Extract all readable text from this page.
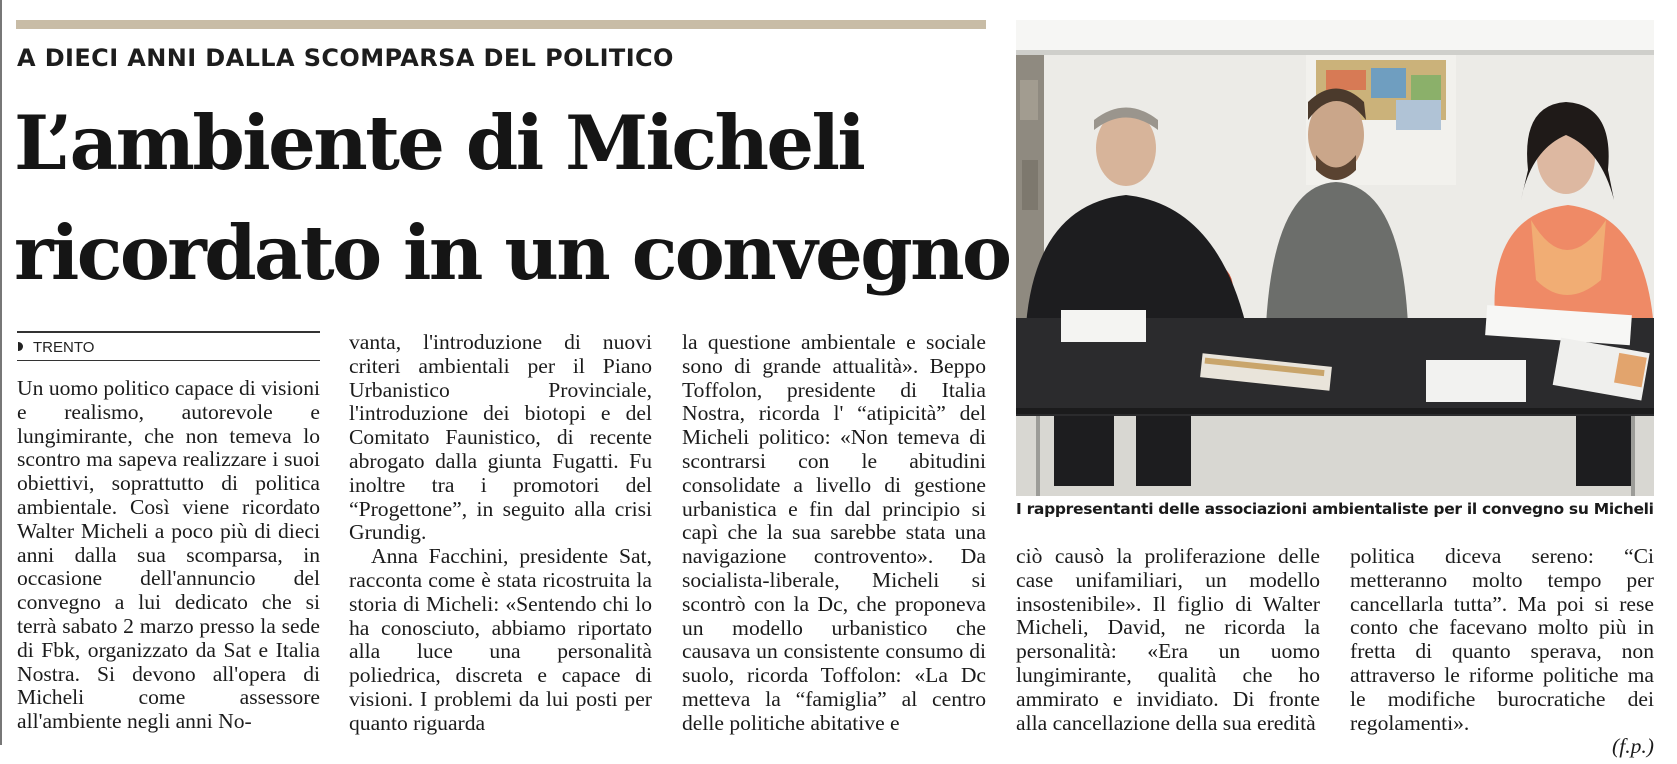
A DIECI ANNI DALLA SCOMPARSA DEL POLITICO
L’ambiente di Micheli
ricordato in un convegno
TRENTO

Un uomo politico capace di visioni e realismo, autorevole e lungimirante, che non temeva lo scontro ma sapeva realizzare i suoi obiettivi, soprattutto di politica ambientale. Così viene ricordato Walter Micheli a poco più di dieci anni dalla sua scomparsa, in occasione dell'annuncio del convegno a lui dedicato che si terrà sabato 2 marzo presso la sede di Fbk, organizzato da Sat e Italia Nostra. Si devono all'opera di Micheli come assessore all'ambiente negli anni No-

vanta, l'introduzione di nuovi criteri ambientali per il Piano Urbanistico Provinciale, l'introduzione dei biotopi e del Comitato Faunistico, di recente abrogato dalla giunta Fugatti. Fu inoltre tra i promotori del “Progettone”, in seguito alla crisi Grundig.

Anna Facchini, presidente Sat, racconta come è stata ricostruita la storia di Micheli: «Sentendo chi lo ha conosciuto, abbiamo riportato alla luce una personalità poliedrica, discreta e capace di visioni. I problemi da lui posti per quanto riguarda

la questione ambientale e sociale sono di grande attualità». Beppo Toffolon, presidente di Italia Nostra, ricorda l' “atipicità” del Micheli politico: «Non temeva di scontrarsi con le abitudini consolidate a livello di gestione urbanistica e fin dal principio si capì che la sua sarebbe stata una navigazione controvento». Da socialista-liberale, Micheli si scontrò con la Dc, che proponeva un modello urbanistico che causava un consistente consumo di suolo, ricorda Toffolon: «La Dc metteva la “famiglia” al centro delle politiche abitative e

I rappresentanti delle associazioni ambientaliste per il convegno su Micheli

ciò causò la proliferazione delle case unifamiliari, un modello insostenibile». Il figlio di Walter Micheli, David, ne ricorda la personalità: «Era un uomo lungimirante, qualità che ho ammirato e invidiato. Di fronte alla cancellazione della sua eredità

politica diceva sereno: “Ci metteranno molto tempo per cancellarla tutta”. Ma poi si rese conto che facevano molto più in fretta di quanto sperava, non attraverso le riforme politiche ma le modifiche burocratiche dei regolamenti».

(f.p.)
